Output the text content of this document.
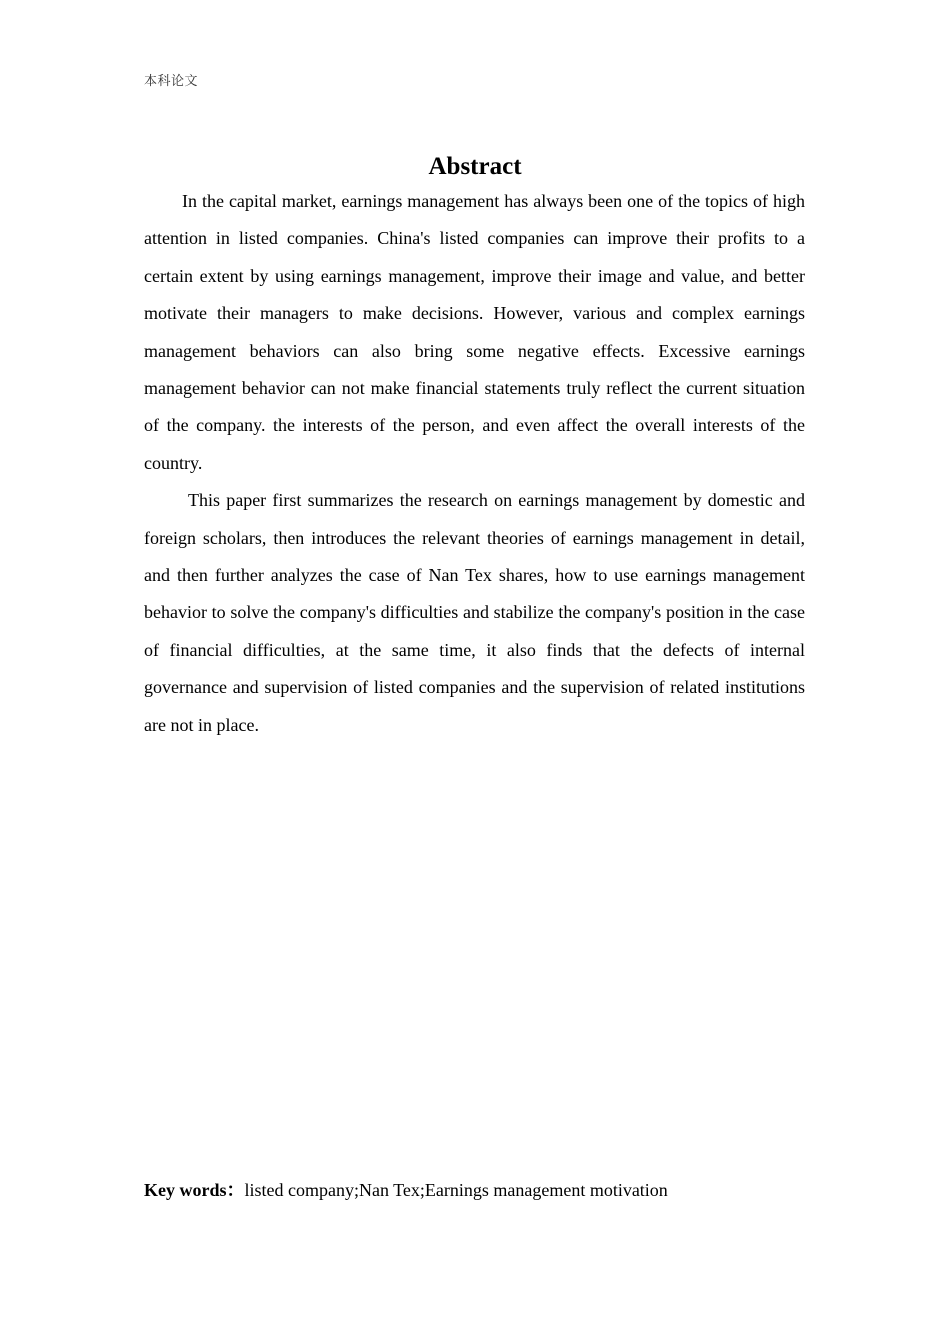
本科论文
Abstract

In the capital market, earnings management has always been one of the topics of high attention in listed companies. China's listed companies can improve their profits to a certain extent by using earnings management, improve their image and value, and better motivate their managers to make decisions. However, various and complex earnings management behaviors can also bring some negative effects. Excessive earnings management behavior can not make financial statements truly reflect the current situation of the company. the interests of the person, and even affect the overall interests of the country.

This paper first summarizes the research on earnings management by domestic and foreign scholars, then introduces the relevant theories of earnings management in detail, and then further analyzes the case of Nan Tex shares, how to use earnings management behavior to solve the company's difficulties and stabilize the company's position in the case of financial difficulties, at the same time, it also finds that the defects of internal governance and supervision of listed companies and the supervision of related institutions are not in place.

Key words：listed company;Nan Tex;Earnings management motivation
